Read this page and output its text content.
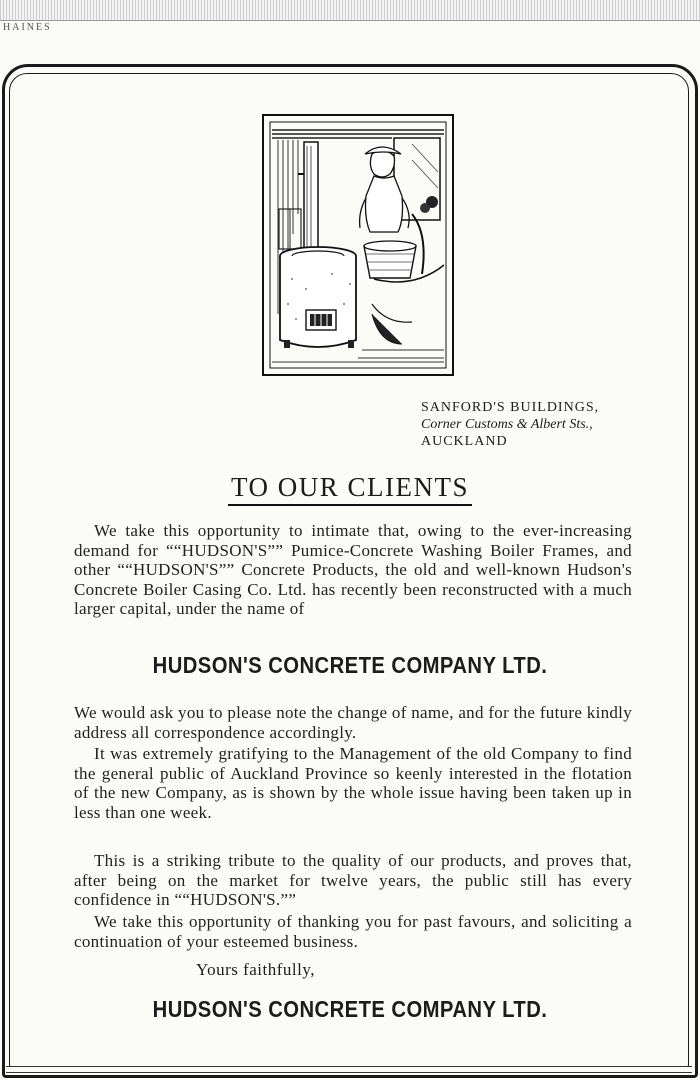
HAINES
SANFORD'S BUILDINGS,
Corner Customs & Albert Sts.,
AUCKLAND
TO OUR CLIENTS
We take this opportunity to intimate that, owing to the ever-increasing demand for ““HUDSON'S”” Pumice-Concrete Washing Boiler Frames, and other ““HUDSON'S”” Concrete Products, the old and well-known Hudson's Concrete Boiler Casing Co. Ltd. has recently been reconstructed with a much larger capital, under the name of
HUDSON'S CONCRETE COMPANY LTD.
We would ask you to please note the change of name, and for the future kindly address all correspondence accordingly.
It was extremely gratifying to the Management of the old Company to find the general public of Auckland Province so keenly interested in the flotation of the new Company, as is shown by the whole issue having been taken up in less than one week.
This is a striking tribute to the quality of our products, and proves that, after being on the market for twelve years, the public still has every confidence in ““HUDSON'S.””
We take this opportunity of thanking you for past favours, and soliciting a continuation of your esteemed business.
Yours faithfully,
HUDSON'S CONCRETE COMPANY LTD.
